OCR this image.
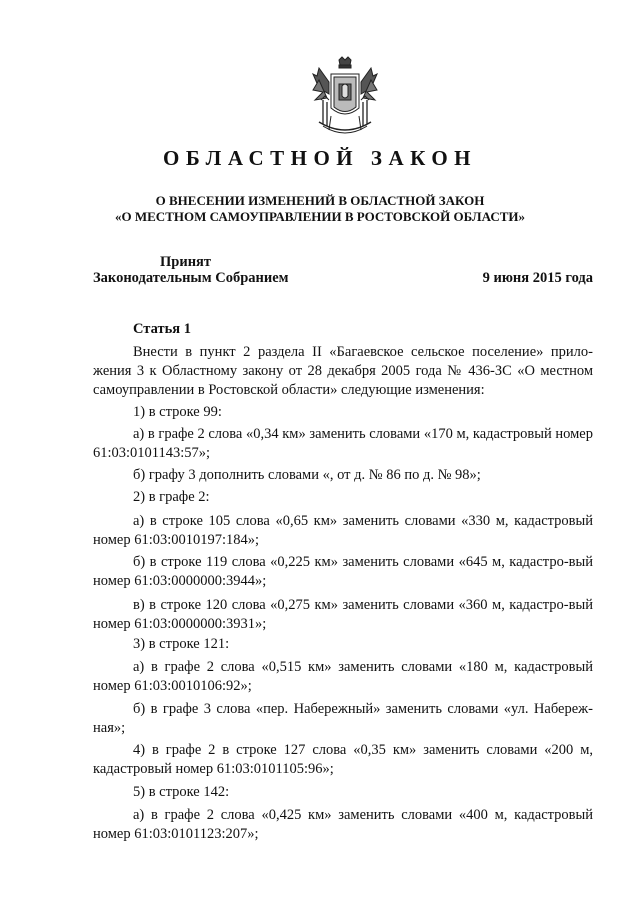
ОБЛАСТНОЙ ЗАКОН
О ВНЕСЕНИИ ИЗМЕНЕНИЙ В ОБЛАСТНОЙ ЗАКОН
«О МЕСТНОМ САМОУПРАВЛЕНИИ В РОСТОВСКОЙ ОБЛАСТИ»
Принят
Законодательным Собранием	9 июня 2015 года
Статья 1
Внести в пункт 2 раздела II «Багаевское сельское поселение» прило-жения 3 к Областному закону от 28 декабря 2005 года № 436-ЗС «О местном самоуправлении в Ростовской области» следующие изменения:
1) в строке 99:
а) в графе 2 слова «0,34 км» заменить словами «170 м, кадастровый номер 61:03:0101143:57»;
б) графу 3 дополнить словами «, от д. № 86 по д. № 98»;
2) в графе 2:
а) в строке 105 слова «0,65 км» заменить словами «330 м, кадастровый номер 61:03:0010197:184»;
б) в строке 119 слова «0,225 км» заменить словами «645 м, кадастро-вый номер 61:03:0000000:3944»;
в) в строке 120 слова «0,275 км» заменить словами «360 м, кадастро-вый номер 61:03:0000000:3931»;
3) в строке 121:
а) в графе 2 слова «0,515 км» заменить словами «180 м, кадастровый номер 61:03:0010106:92»;
б) в графе 3 слова «пер. Набережный» заменить словами «ул. Набереж-ная»;
4) в графе 2 в строке 127 слова «0,35 км» заменить словами «200 м, кадастровый номер 61:03:0101105:96»;
5) в строке 142:
а) в графе 2 слова «0,425 км» заменить словами «400 м, кадастровый номер 61:03:0101123:207»;
